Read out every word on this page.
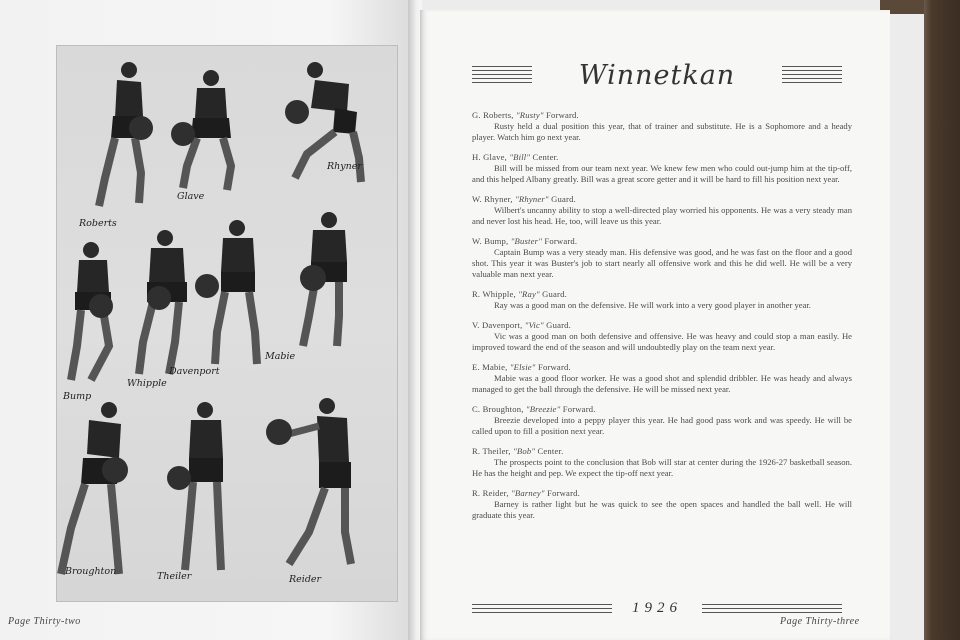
Roberts
Glave
Rhyner
Bump
Whipple
Davenport
Mabie
Broughton	Theiler	Reider
Page Thirty-two
Winnetkan
G. Roberts, "Rusty" Forward.
Rusty held a dual position this year, that of trainer and substitute. He is a Sophomore and a heady player. Watch him go next year.
H. Glave, "Bill" Center.
Bill will be missed from our team next year. We knew few men who could out-jump him at the tip-off, and this helped Albany greatly. Bill was a great score getter and it will be hard to fill his position next year.
W. Rhyner, "Rhyner" Guard.
Wilbert's uncanny ability to stop a well-directed play worried his opponents. He was a very steady man and never lost his head. He, too, will leave us this year.
W. Bump, "Buster" Forward.
Captain Bump was a very steady man. His defensive was good, and he was fast on the floor and a good shot. This year it was Buster's job to start nearly all offensive work and this he did well. He will be a very valuable man next year.
R. Whipple, "Ray" Guard.
Ray was a good man on the defensive. He will work into a very good player in another year.
V. Davenport, "Vic" Guard.
Vic was a good man on both defensive and offensive. He was heavy and could stop a man easily. He improved toward the end of the season and will undoubtedly play on the team next year.
E. Mabie, "Elsie" Forward.
Mabie was a good floor worker. He was a good shot and splendid dribbler. He was heady and always managed to get the ball through the defensive. He will be missed next year.
C. Broughton, "Breezie" Forward.
Breezie developed into a peppy player this year. He had good pass work and was speedy. He will be called upon to fill a position next year.
R. Theiler, "Bob" Center.
The prospects point to the conclusion that Bob will star at center during the 1926-27 basketball season. He has the height and pep. We expect the tip-off next year.
R. Reider, "Barney" Forward.
Barney is rather light but he was quick to see the open spaces and handled the ball well. He will graduate this year.
1926
Page Thirty-three
